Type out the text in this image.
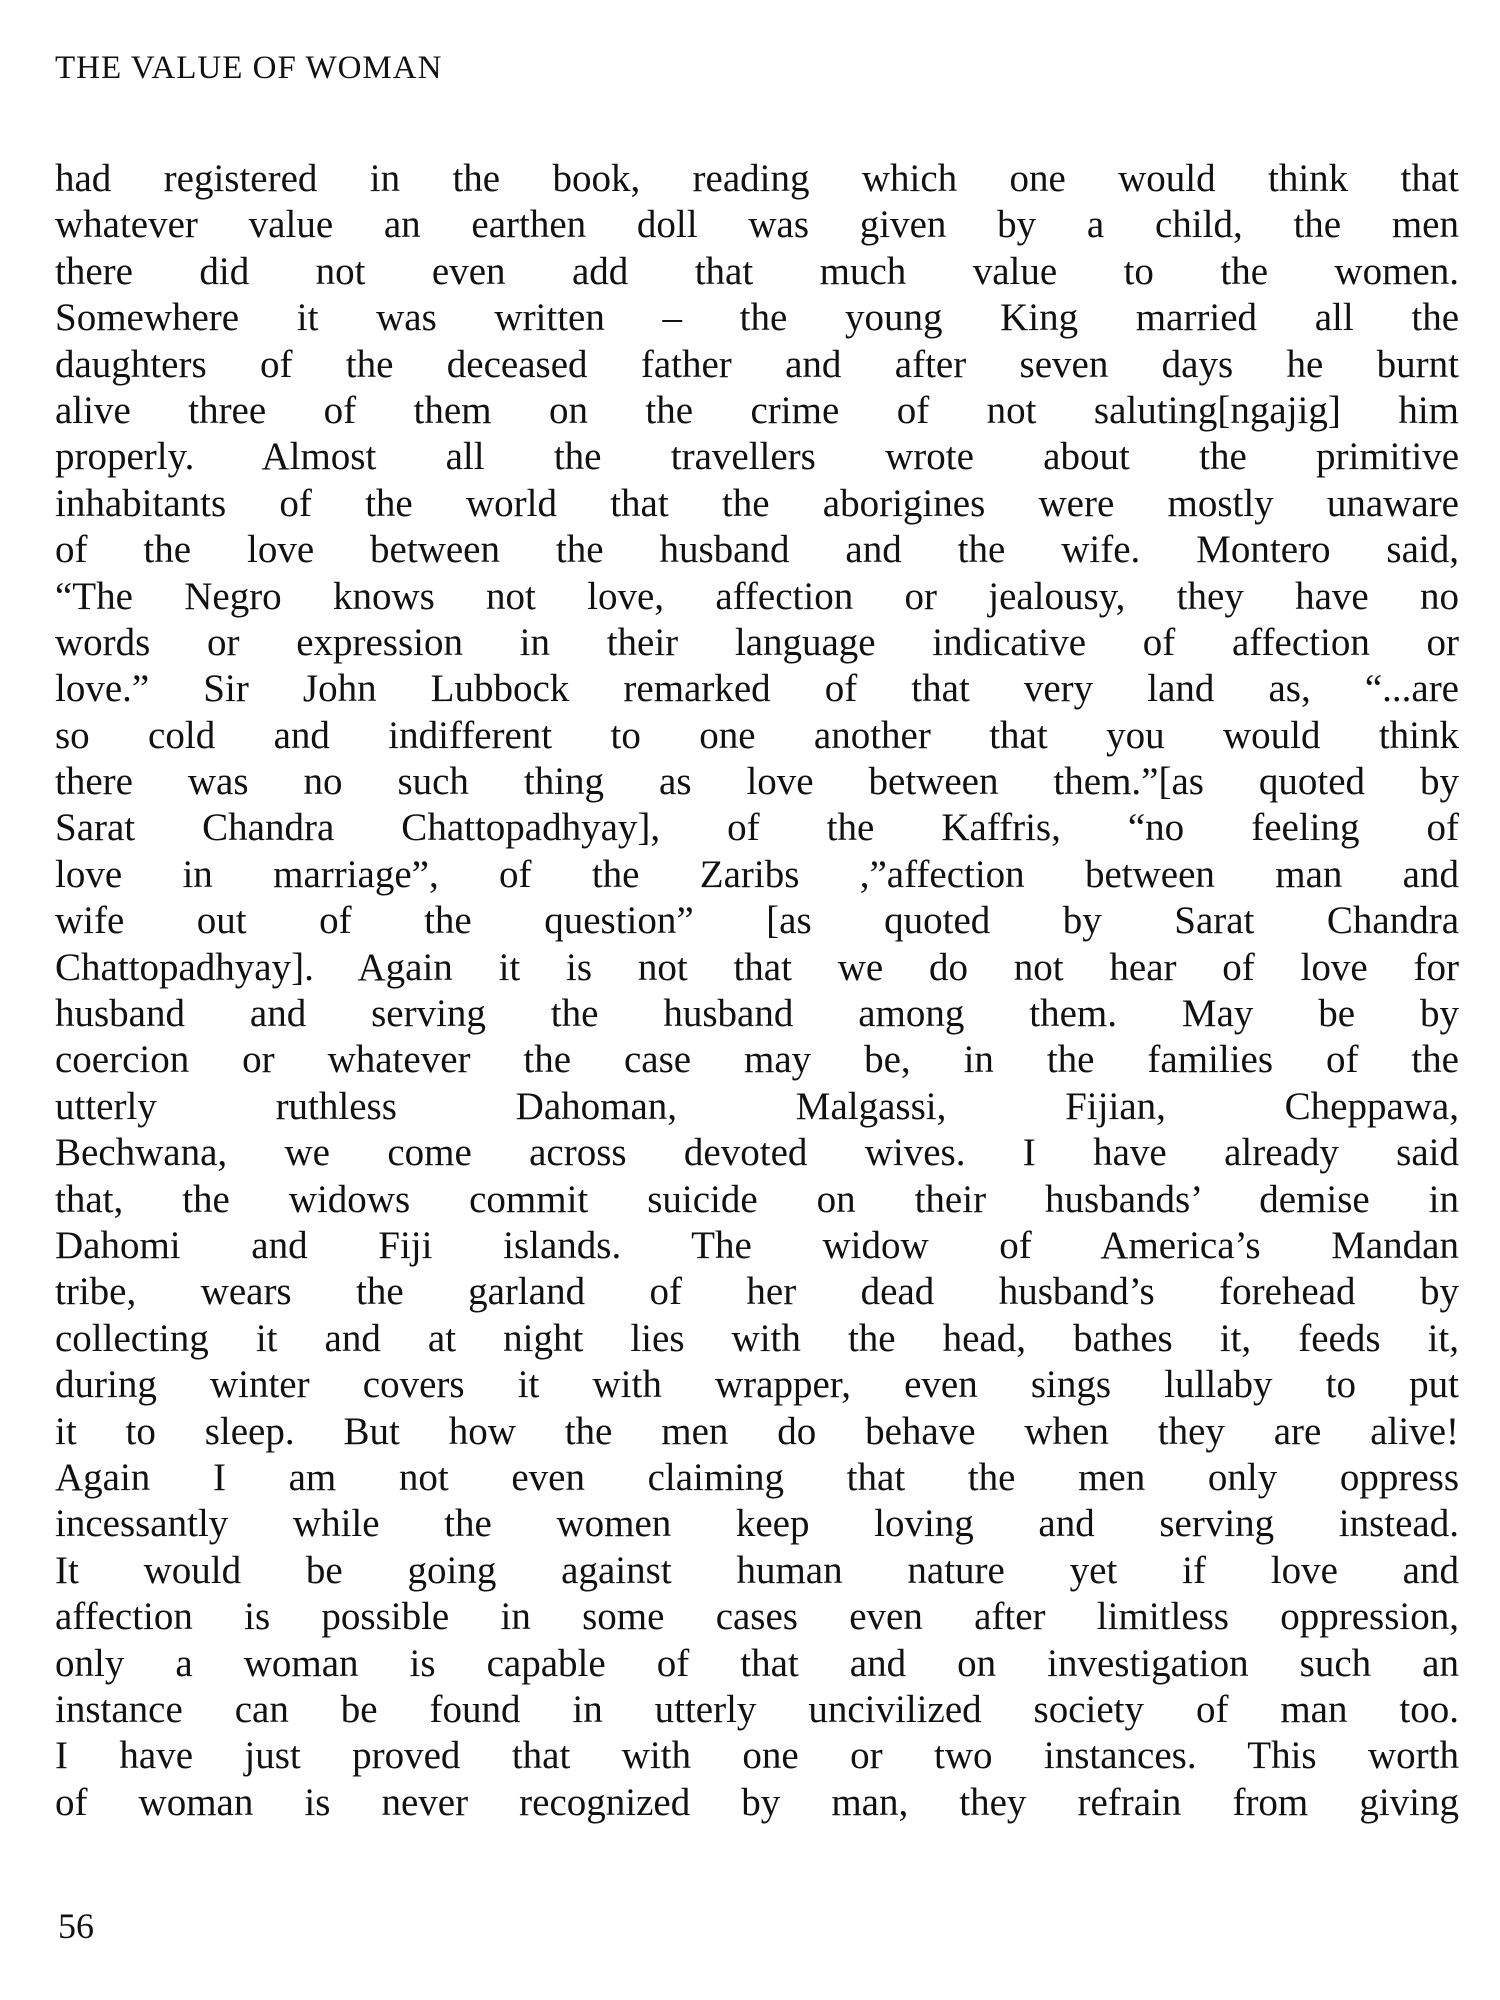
THE VALUE OF WOMAN
had registered in the book, reading which one would think that
whatever value an earthen doll was given by a child, the men
there did not even add that much value to the women.
Somewhere it was written – the young King married all the
daughters of the deceased father and after seven days he burnt
alive three of them on the crime of not saluting[ngajig] him
properly. Almost all the travellers wrote about the primitive
inhabitants of the world that the aborigines were mostly unaware
of the love between the husband and the wife. Montero said,
“The Negro knows not love, affection or jealousy, they have no
words or expression in their language indicative of affection or
love.” Sir John Lubbock remarked of that very land as, “...are
so cold and indifferent to one another that you would think
there was no such thing as love between them.”[as quoted by
Sarat Chandra Chattopadhyay], of the Kaffris, “no feeling of
love in marriage”, of the Zaribs ,”affection between man and
wife out of the question” [as quoted by Sarat Chandra
Chattopadhyay]. Again it is not that we do not hear of love for
husband and serving the husband among them. May be by
coercion or whatever the case may be, in the families of the
utterly ruthless Dahoman, Malgassi, Fijian, Cheppawa,
Bechwana, we come across devoted wives. I have already said
that, the widows commit suicide on their husbands’ demise in
Dahomi and Fiji islands. The widow of America’s Mandan
tribe, wears the garland of her dead husband’s forehead by
collecting it and at night lies with the head, bathes it, feeds it,
during winter covers it with wrapper, even sings lullaby to put
it to sleep. But how the men do behave when they are alive!
Again I am not even claiming that the men only oppress
incessantly while the women keep loving and serving instead.
It would be going against human nature yet if love and
affection is possible in some cases even after limitless oppression,
only a woman is capable of that and on investigation such an
instance can be found in utterly uncivilized society of man too.
I have just proved that with one or two instances. This worth
of woman is never recognized by man, they refrain from giving
56
